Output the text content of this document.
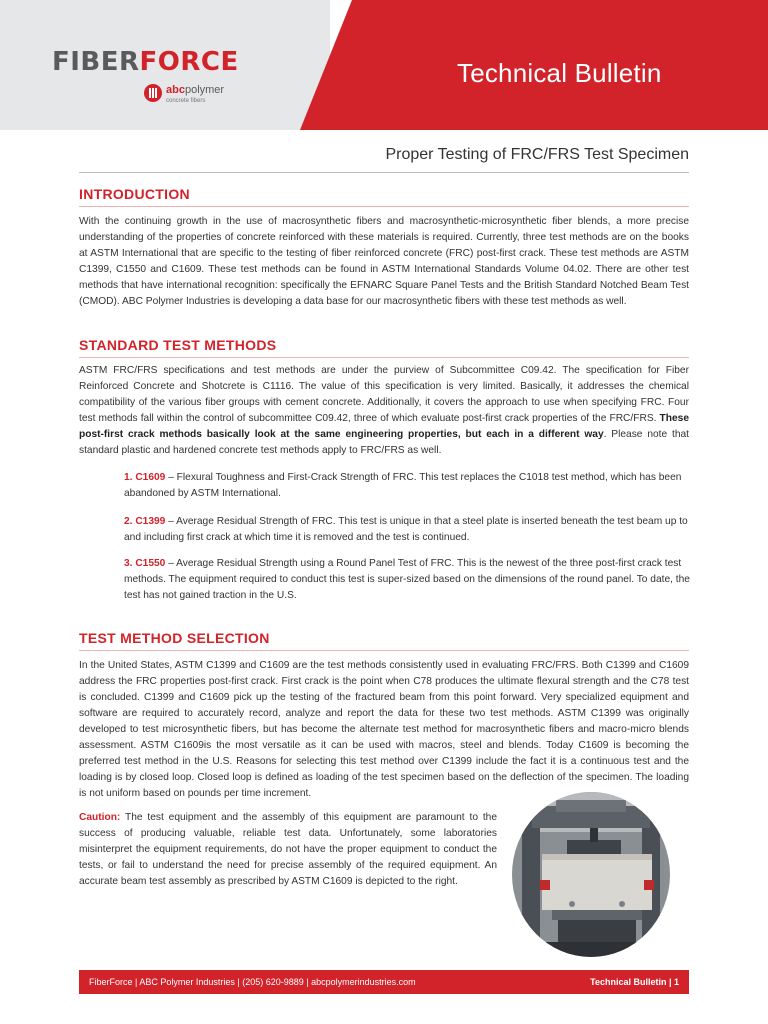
FIBERFORCE
abcpolymer
concrete fibers
Technical Bulletin
Proper Testing of FRC/FRS Test Specimen
INTRODUCTION
With the continuing growth in the use of macrosynthetic fibers and macrosynthetic-microsynthetic fiber blends, a more precise understanding of the properties of concrete reinforced with these materials is required. Currently, three test methods are on the books at ASTM International that are specific to the testing of fiber reinforced concrete (FRC) post-first crack. These test methods are ASTM C1399, C1550 and C1609. These test methods can be found in ASTM International Standards Volume 04.02. There are other test methods that have international recognition: specifically the EFNARC Square Panel Tests and the British Standard Notched Beam Test (CMOD). ABC Polymer Industries is developing a data base for our macrosynthetic fibers with these test methods as well.
STANDARD TEST METHODS
ASTM FRC/FRS specifications and test methods are under the purview of Subcommittee C09.42. The specification for Fiber Reinforced Concrete and Shotcrete is C1116. The value of this specification is very limited. Basically, it addresses the chemical compatibility of the various fiber groups with cement concrete. Additionally, it covers the approach to use when specifying FRC. Four test methods fall within the control of subcommittee C09.42, three of which evaluate post-first crack properties of the FRC/FRS. These post-first crack methods basically look at the same engineering properties, but each in a different way. Please note that standard plastic and hardened concrete test methods apply to FRC/FRS as well.
1. C1609 – Flexural Toughness and First-Crack Strength of FRC. This test replaces the C1018 test method, which has been abandoned by ASTM International.
2. C1399 – Average Residual Strength of FRC. This test is unique in that a steel plate is inserted beneath the test beam up to and including first crack at which time it is removed and the test is continued.
3. C1550 – Average Residual Strength using a Round Panel Test of FRC. This is the newest of the three post-first crack test methods. The equipment required to conduct this test is super-sized based on the dimensions of the round panel. To date, the test has not gained traction in the U.S.
TEST METHOD SELECTION
In the United States, ASTM C1399 and C1609 are the test methods consistently used in evaluating FRC/FRS. Both C1399 and C1609 address the FRC properties post-first crack. First crack is the point when C78 produces the ultimate flexural strength and the C78 test is concluded. C1399 and C1609 pick up the testing of the fractured beam from this point forward. Very specialized equipment and software are required to accurately record, analyze and report the data for these two test methods. ASTM C1399 was originally developed to test microsynthetic fibers, but has become the alternate test method for macrosynthetic fibers and macro-micro blends assessment. ASTM C1609is the most versatile as it can be used with macros, steel and blends. Today C1609 is becoming the preferred test method in the U.S. Reasons for selecting this test method over C1399 include the fact it is a continuous test and the loading is by closed loop. Closed loop is defined as loading of the test specimen based on the deflection of the specimen. The loading is not uniform based on pounds per time increment.
Caution: The test equipment and the assembly of this equipment are paramount to the success of producing valuable, reliable test data. Unfortunately, some laboratories misinterpret the equipment requirements, do not have the proper equipment to conduct the tests, or fail to understand the need for precise assembly of the required equipment. An accurate beam test assembly as prescribed by ASTM C1609 is depicted to the right.
FiberForce | ABC Polymer Industries | (205) 620-9889 | abcpolymerindustries.com	Technical Bulletin | 1
